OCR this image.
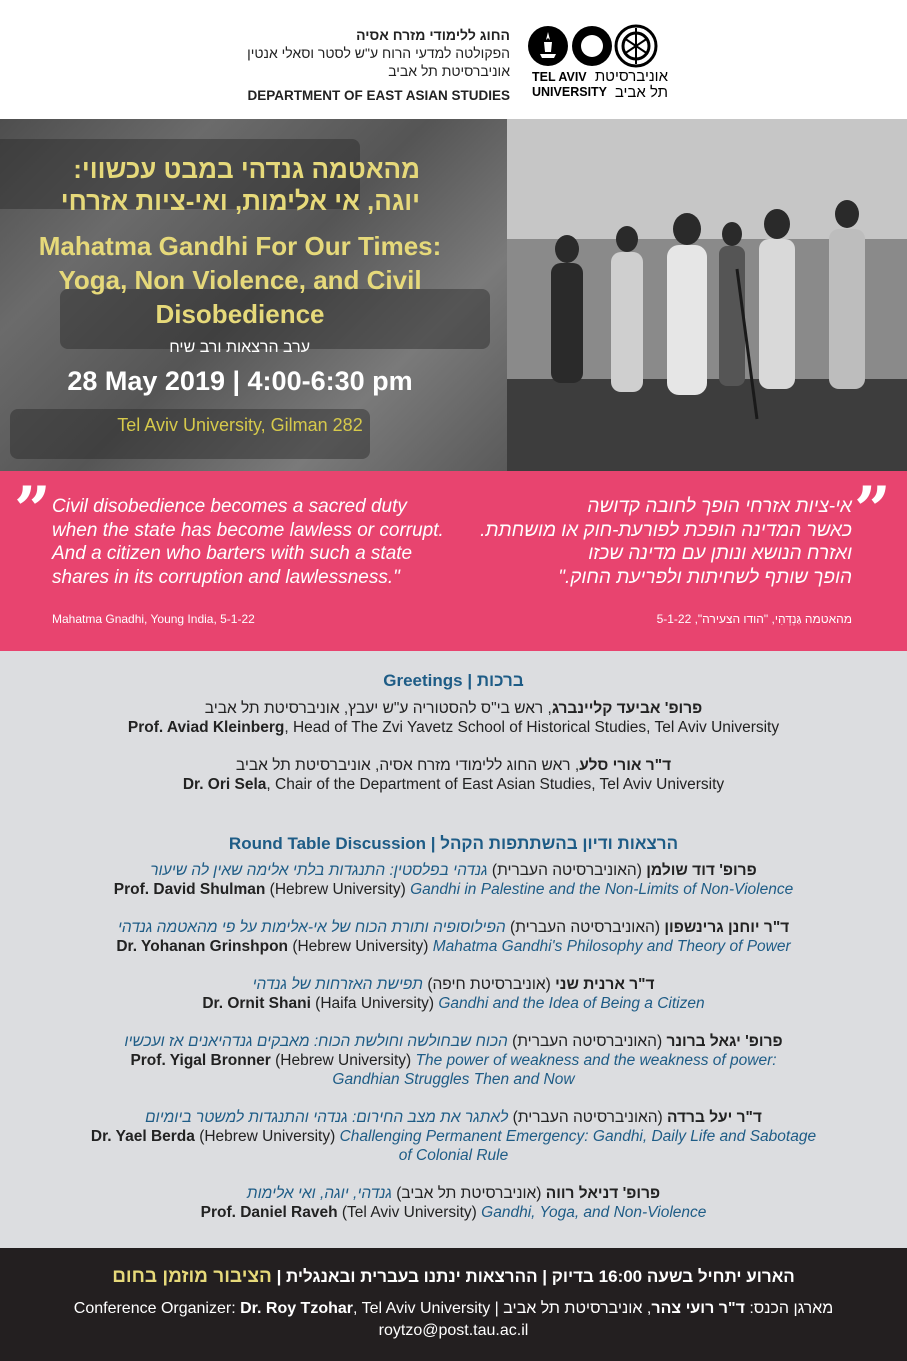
החוג ללימודי מזרח אסיה
הפקולטה למדעי הרוח ע"ש לסטר וסאלי אנטין
אוניברסיטת תל אביב
DEPARTMENT OF EAST ASIAN STUDIES
TEL AVIV
UNIVERSITY
אוניברסיטת
תל אביב
מהאטמה גנדהי במבט עכשווי:
יוגה, אי אלימות, ואי-ציות אזרחי
Mahatma Gandhi For Our Times:
Yoga, Non Violence, and Civil
Disobedience
ערב הרצאות ורב שיח
28 May 2019 | 4:00-6:30 pm
Tel Aviv University, Gilman 282
” Civil disobedience becomes a sacred duty
when the state has become lawless or corrupt.
And a citizen who barters with such a state
shares in its corruption and lawlessness."
אי-ציות אזרחי הופך לחובה קדושה
כאשר המדינה הופכת לפורעת-חוק או מושחתת.
ואזרח הנושא ונותן עם מדינה שכזו
הופך שותף לשחיתות ולפריעת החוק."
”
Mahatma Gnadhi, Young India, 5-1-22	מהאטמה גַּנְדְּהִי, "הודו הצעירה", 5-1-22
Greetings | ברכות
פרופ' אביעד קליינברג, ראש בי"ס להסטוריה ע"ש יעבץ, אוניברסיטת תל אביב
Prof. Aviad Kleinberg, Head of The Zvi Yavetz School of Historical Studies, Tel Aviv University
ד"ר אורי סלע, ראש החוג ללימודי מזרח אסיה, אוניברסיטת תל אביב
Dr. Ori Sela, Chair of the Department of East Asian Studies, Tel Aviv University
Round Table Discussion | הרצאות ודיון בהשתתפות הקהל
פרופ' דוד שולמן (האוניברסיטה העברית) גנדהי בפלסטין: התנגדות בלתי אלימה שאין לה שיעור
Prof. David Shulman (Hebrew University) Gandhi in Palestine and the Non-Limits of Non-Violence
ד"ר יוחנן גרינשפון (האוניברסיטה העברית) הפילוסופיה ותורת הכוח של אי-אלימות על פי מהאטמה גנדהי
Dr. Yohanan Grinshpon (Hebrew University) Mahatma Gandhi's Philosophy and Theory of Power
ד"ר ארנית שני (אוניברסיטת חיפה) תפישת האזרחות של גנדהי
Dr. Ornit Shani (Haifa University) Gandhi and the Idea of Being a Citizen
פרופ' יגאל ברונר (האוניברסיטה העברית) הכוח שבחולשה וחולשת הכוח: מאבקים גנדהיאנים אז ועכשיו
Prof. Yigal Bronner (Hebrew University) The power of weakness and the weakness of power:
Gandhian Struggles Then and Now
ד"ר יעל ברדה (האוניברסיטה העברית) לאתגר את מצב החירום: גנדהי והתנגדות למשטר ביומיום
Dr. Yael Berda (Hebrew University) Challenging Permanent Emergency: Gandhi, Daily Life and Sabotage
of Colonial Rule
פרופ' דניאל רווה (אוניברסיטת תל אביב) גנדהי, יוגה, ואי אלימות
Prof. Daniel Raveh (Tel Aviv University) Gandhi, Yoga, and Non-Violence
הארוע יתחיל בשעה 16:00 בדיוק | ההרצאות ינתנו בעברית ובאנגלית | הציבור מוזמן בחום
Conference Organizer: Dr. Roy Tzohar, Tel Aviv University |	מארגן הכנס: ד"ר רועי צהר, אוניברסיטת תל אביב
roytzo@post.tau.ac.il
